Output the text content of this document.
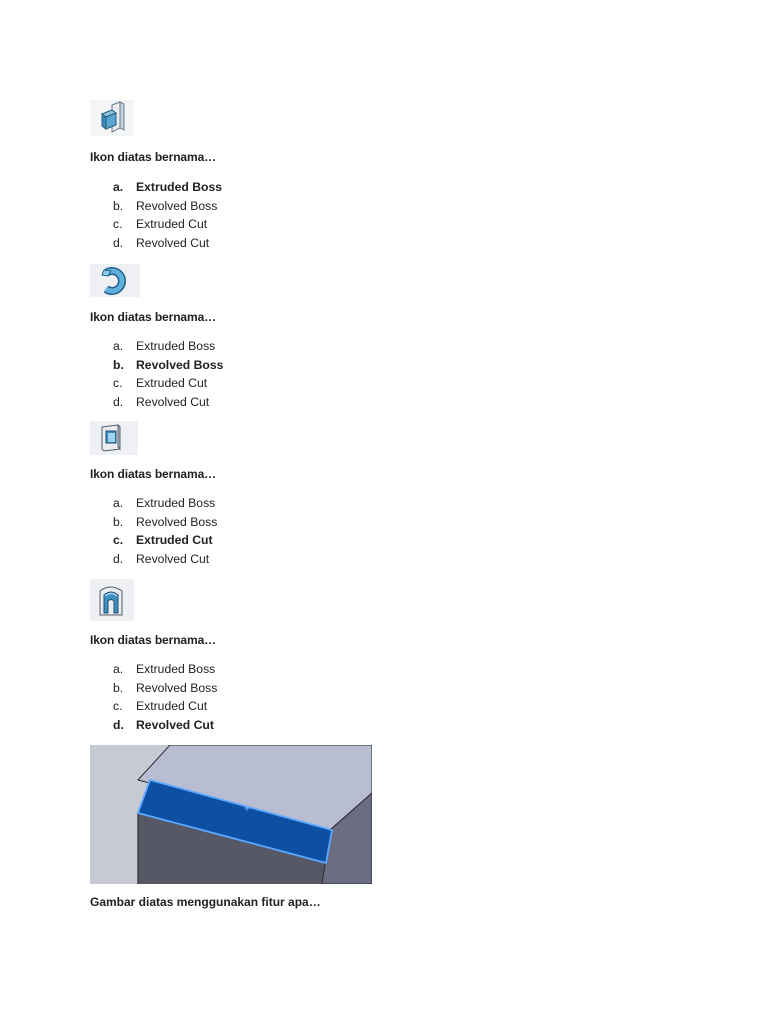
Ikon diatas bernama…
a.	Extruded Boss
b.	Revolved Boss
c.	Extruded Cut
d.	Revolved Cut
Ikon diatas bernama…
a.	Extruded Boss
b. Revolved Boss
c.	Extruded Cut
d.	Revolved Cut
Ikon diatas bernama…
a.	Extruded Boss
b.	Revolved Boss
c.	Extruded Cut
d.	Revolved Cut
Ikon diatas bernama…
a.	Extruded Boss
b.	Revolved Boss
c.	Extruded Cut
d. Revolved Cut
Gambar diatas menggunakan fitur apa…
